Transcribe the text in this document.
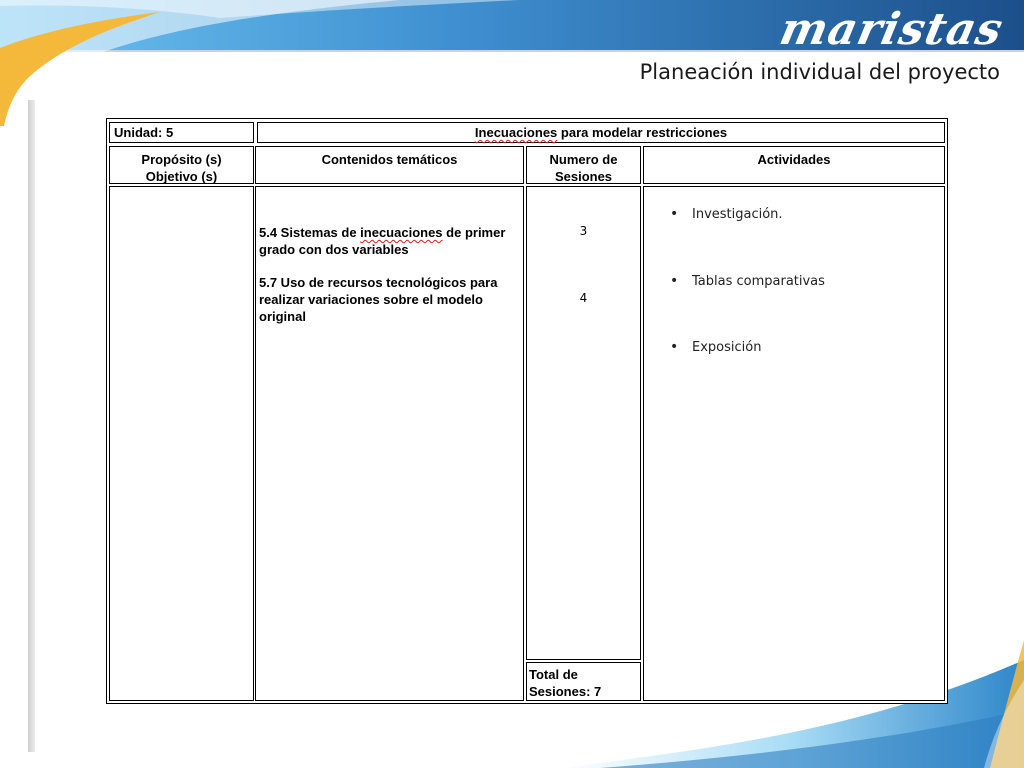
maristas
Planeación individual del proyecto
Unidad: 5	Inecuaciones para modelar restricciones
Propósito (s)
Objetivo (s)
Contenidos temáticos	Numero de
Sesiones
Actividades
5.4 Sistemas de inecuaciones de primer grado con dos variables
5.7 Uso de recursos tecnológicos para realizar variaciones sobre el modelo original
3
4
Total de
Sesiones: 7
• Investigación.
• Tablas comparativas
• Exposición
